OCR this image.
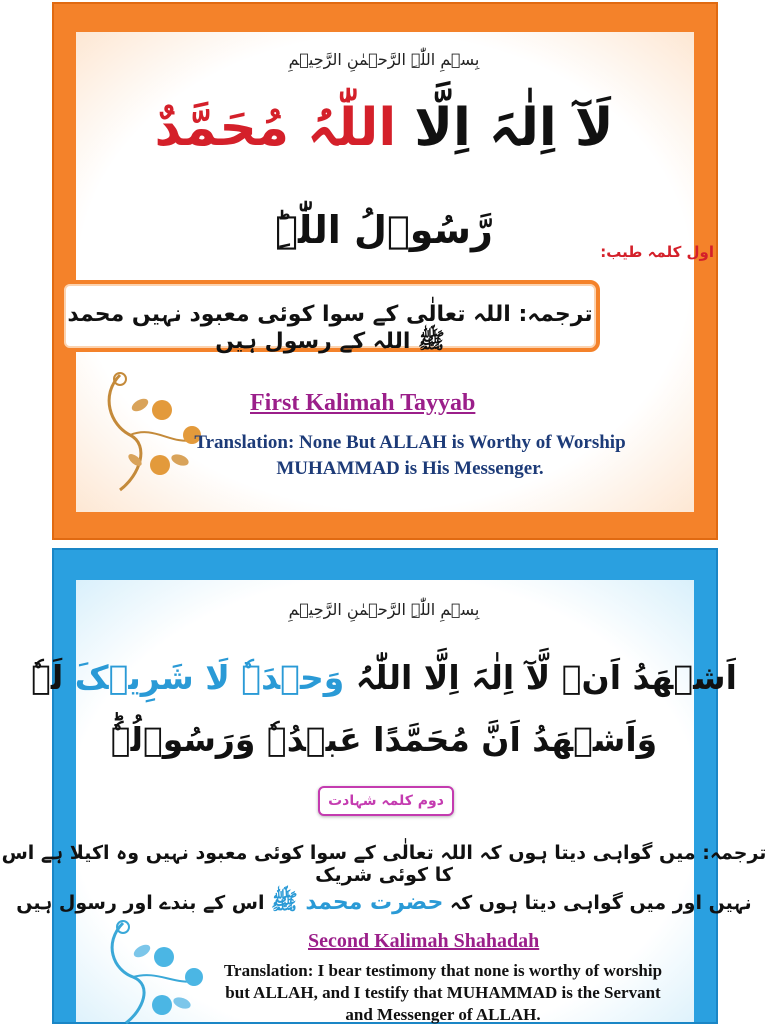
بِسۡمِ اللّٰہِ الرَّحۡمٰنِ الرَّحِیۡمِ
لَآ اِلٰہَ اِلَّا اللّٰہُ مُحَمَّدٌ
رَّسُوۡلُ اللّٰہِؕ	اول کلمہ طیب:
ترجمہ: اللہ تعالٰی کے سوا کوئی معبود نہیں محمد ﷺ اللہ کے رسول ہیں
First Kalimah Tayyab
Translation: None But ALLAH is Worthy of Worship MUHAMMAD is His Messenger.
بِسۡمِ اللّٰہِ الرَّحۡمٰنِ الرَّحِیۡمِ
اَشۡھَدُ اَنۡ لَّآ اِلٰہَ اِلَّا اللّٰہُ وَحۡدَہٗ لَا شَرِیۡکَ لَہٗ
وَاَشۡھَدُ اَنَّ مُحَمَّدًا عَبۡدُہٗ وَرَسُوۡلُہٗؕ
دوم کلمہ شہادت
ترجمہ: میں گواہی دیتا ہوں کہ اللہ تعالٰی کے سوا کوئی معبود نہیں وہ اکیلا ہے اس کا کوئی شریک
نہیں اور میں گواہی دیتا ہوں کہ حضرت محمد ﷺ اس کے بندے اور رسول ہیں
Second Kalimah Shahadah
Translation: I bear testimony that none is worthy of worship but ALLAH, and I testify that MUHAMMAD is the Servant and Messenger of ALLAH.
